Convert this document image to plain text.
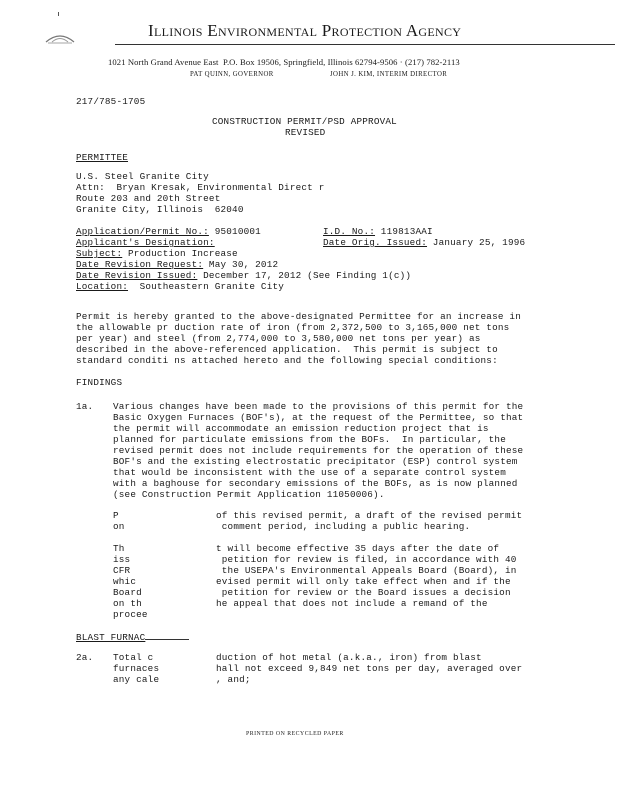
Illinois Environmental Protection Agency
1021 North Grand Avenue East  P.O. Box 19506, Springfield, Illinois 62794-9506 · (217) 782-2113
PAT QUINN, GOVERNOR	JOHN J. KIM, INTERIM DIRECTOR
217/785-1705
CONSTRUCTION PERMIT/PSD APPROVAL
REVISED
PERMITTEE
U.S. Steel Granite City
Attn:  Bryan Kresak, Environmental Direct r
Route 203 and 20th Street
Granite City, Illinois  62040
Application/Permit No.: 95010001	I.D. No.: 119813AAI
Applicant's Designation:	Date Orig. Issued: January 25, 1996
Subject: Production Increase
Date Revision Request: May 30, 2012
Date Revision Issued: December 17, 2012 (See Finding 1(c))
Location:  Southeastern Granite City
Permit is hereby granted to the above-designated Permittee for an increase in
the allowable pr duction rate of iron (from 2,372,500 to 3,165,000 net tons
per year) and steel (from 2,774,000 to 3,580,000 net tons per year) as
described in the above-referenced application.  This permit is subject to
standard conditi ns attached hereto and the following special conditions:
FINDINGS
1a. Various changes have been made to the provisions of this permit for the
Basic Oxygen Furnaces (BOF's), at the request of the Permittee, so that
the permit will accommodate an emission reduction project that is
planned for particulate emissions from the BOFs.  In particular, the
revised permit does not include requirements for the operation of these
BOF's and the existing electrostatic precipitator (ESP) control system
that would be inconsistent with the use of a separate control system
with a baghouse for secondary emissions of the BOFs, as is now planned
(see Construction Permit Application 11050006).
P	of this revised permit, a draft of the revised permit
on	comment period, including a public hearing.
Th	t will become effective 35 days after the date of
iss	petition for review is filed, in accordance with 40
CFR	the USEPA's Environmental Appeals Board (Board), in
whic	evised permit will only take effect when and if the
Board	petition for review or the Board issues a decision
on th	he appeal that does not include a remand of the
procee
BLAST FURNAC
2a. Total c	duction of hot metal (a.k.a., iron) from blast
furnaces	hall not exceed 9,849 net tons per day, averaged over
any cale	, and;
PRINTED ON RECYCLED PAPER
